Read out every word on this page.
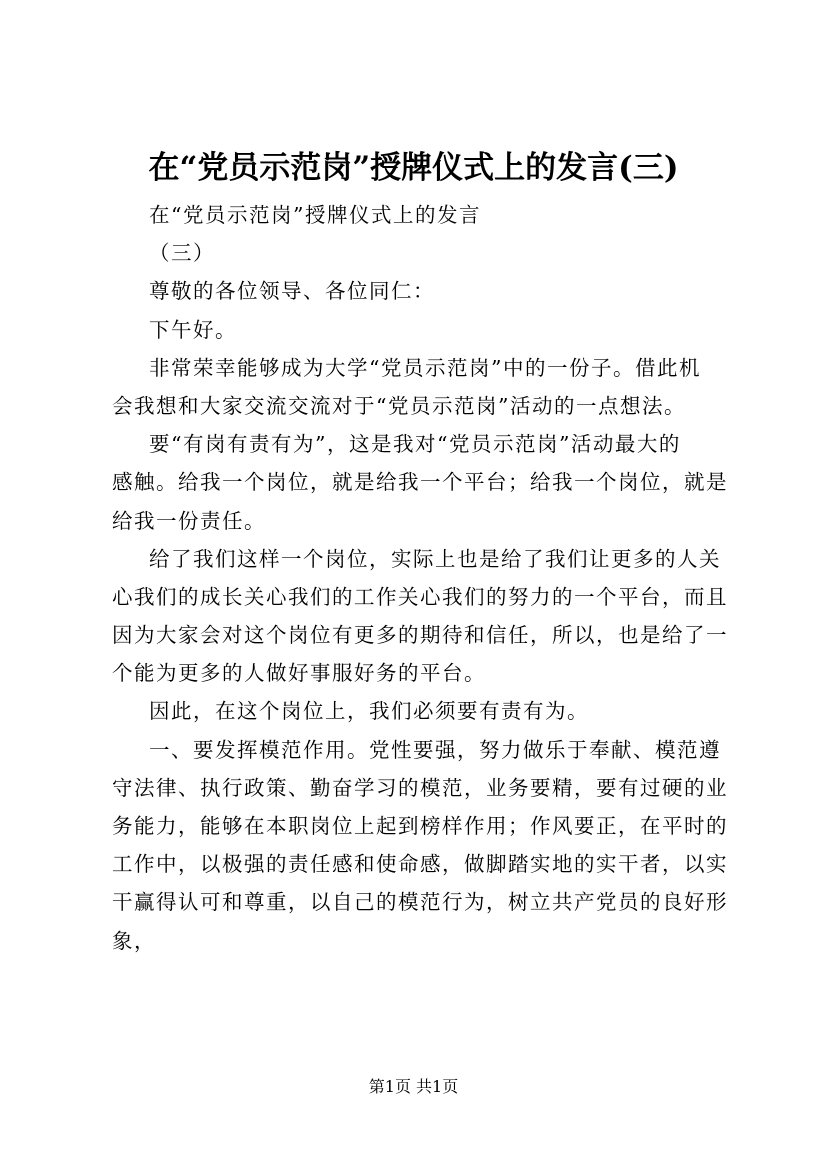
在“党员示范岗”授牌仪式上的发言(三)
在“党员示范岗”授牌仪式上的发言
（三）
尊敬的各位领导、各位同仁：
下午好。
非常荣幸能够成为大学“党员示范岗”中的一份子。借此机
会我想和大家交流交流对于“党员示范岗”活动的一点想法。
要“有岗有责有为”，这是我对“党员示范岗”活动最大的
感触。给我一个岗位，就是给我一个平台；给我一个岗位，就是
给我一份责任。
给了我们这样一个岗位，实际上也是给了我们让更多的人关
心我们的成长关心我们的工作关心我们的努力的一个平台，而且
因为大家会对这个岗位有更多的期待和信任，所以，也是给了一
个能为更多的人做好事服好务的平台。
因此，在这个岗位上，我们必须要有责有为。
一、要发挥模范作用。党性要强，努力做乐于奉献、模范遵
守法律、执行政策、勤奋学习的模范，业务要精，要有过硬的业
务能力，能够在本职岗位上起到榜样作用；作风要正，在平时的
工作中，以极强的责任感和使命感，做脚踏实地的实干者，以实
干赢得认可和尊重，以自己的模范行为，树立共产党员的良好形
象，
第1页 共1页
